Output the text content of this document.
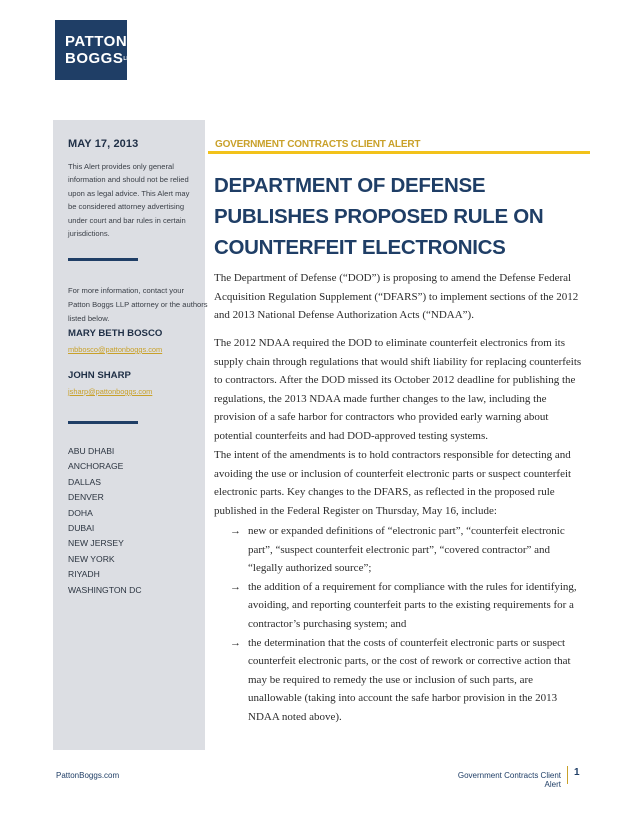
PATTON
BOGGSLLP
MAY 17, 2013
This Alert provides only general information and should not be relied upon as legal advice. This Alert may be considered attorney advertising under court and bar rules in certain jurisdictions.
For more information, contact your Patton Boggs LLP attorney or the authors listed below.
MARY BETH BOSCO
mbbosco@pattonboggs.com
JOHN SHARP
jsharp@pattonboggs.com
ABU DHABI
ANCHORAGE
DALLAS
DENVER
DOHA
DUBAI
NEW JERSEY
NEW YORK
RIYADH
WASHINGTON DC
GOVERNMENT CONTRACTS CLIENT ALERT
DEPARTMENT OF DEFENSE PUBLISHES PROPOSED RULE ON COUNTERFEIT ELECTRONICS

The Department of Defense (“DOD”) is proposing to amend the Defense Federal Acquisition Regulation Supplement (“DFARS”) to implement sections of the 2012 and 2013 National Defense Authorization Acts (“NDAA”).

The 2012 NDAA required the DOD to eliminate counterfeit electronics from its supply chain through regulations that would shift liability for replacing counterfeits to contractors. After the DOD missed its October 2012 deadline for publishing the regulations, the 2013 NDAA made further changes to the law, including the provision of a safe harbor for contractors who provided early warning about potential counterfeits and had DOD-approved testing systems.

The intent of the amendments is to hold contractors responsible for detecting and avoiding the use or inclusion of counterfeit electronic parts or suspect counterfeit electronic parts. Key changes to the DFARS, as reflected in the proposed rule published in the Federal Register on Thursday, May 16, include:

→ new or expanded definitions of “electronic part”, “counterfeit electronic part”, “suspect counterfeit electronic part”, “covered contractor” and “legally authorized source”;
→ the addition of a requirement for compliance with the rules for identifying, avoiding, and reporting counterfeit parts to the existing requirements for a contractor’s purchasing system; and
→ the determination that the costs of counterfeit electronic parts or suspect counterfeit electronic parts, or the cost of rework or corrective action that may be required to remedy the use or inclusion of such parts, are unallowable (taking into account the safe harbor provision in the 2013 NDAA noted above).
PattonBoggs.com	Government Contracts Client Alert
1
